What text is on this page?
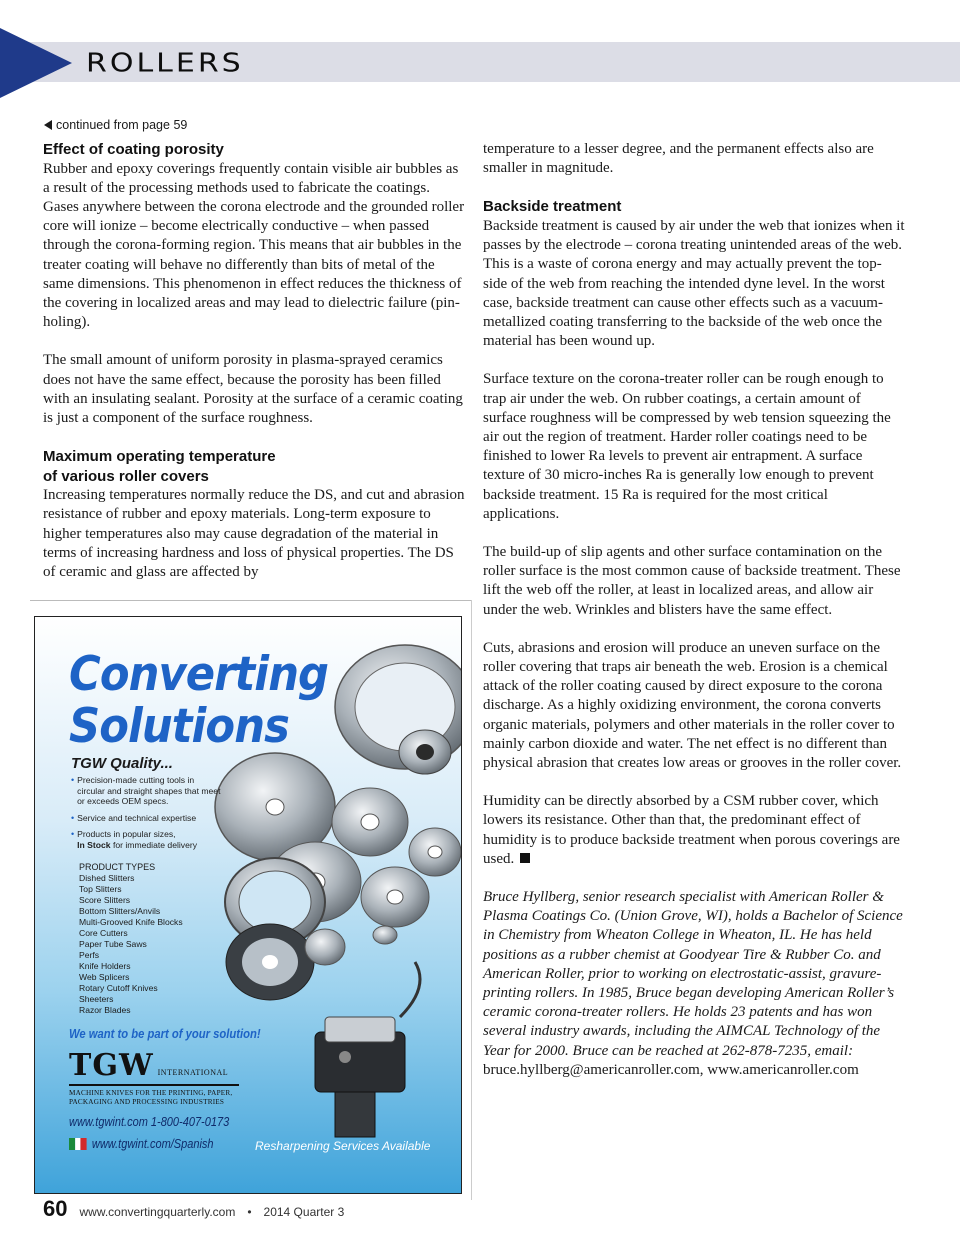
ROLLERS
continued from page 59
Effect of coating porosity

Rubber and epoxy coverings frequently contain visible air bubbles as a result of the processing methods used to fabricate the coatings. Gases anywhere between the corona electrode and the grounded roller core will ionize – become electrically conductive – when passed through the corona-forming region. This means that air bubbles in the treater coating will behave no differently than bits of metal of the same dimensions. This phenomenon in effect reduces the thickness of the covering in localized areas and may lead to dielectric failure (pin-holing).

The small amount of uniform porosity in plasma-sprayed ceramics does not have the same effect, because the porosity has been filled with an insulating sealant. Porosity at the surface of a ceramic coating is just a component of the surface roughness.

Maximum operating temperature
of various roller covers

Increasing temperatures normally reduce the DS, and cut and abrasion resistance of rubber and epoxy materials. Long-term exposure to higher temperatures also may cause degradation of the material in terms of increasing hardness and loss of physical properties. The DS of ceramic and glass are affected by

temperature to a lesser degree, and the permanent effects also are smaller in magnitude.

Backside treatment

Backside treatment is caused by air under the web that ionizes when it passes by the electrode – corona treating unintended areas of the web. This is a waste of corona energy and may actually prevent the top-side of the web from reaching the intended dyne level. In the worst case, backside treatment can cause other effects such as a vacuum-metallized coating transferring to the backside of the web once the material has been wound up.

Surface texture on the corona-treater roller can be rough enough to trap air under the web. On rubber coatings, a certain amount of surface roughness will be compressed by web tension squeezing the air out the region of treatment. Harder roller coatings need to be finished to lower Ra levels to prevent air entrapment. A surface texture of 30 micro-inches Ra is generally low enough to prevent backside treatment. 15 Ra is required for the most critical applications.

The build-up of slip agents and other surface contamination on the roller surface is the most common cause of backside treatment. These lift the web off the roller, at least in localized areas, and allow air under the web. Wrinkles and blisters have the same effect.

Cuts, abrasions and erosion will produce an uneven surface on the roller covering that traps air beneath the web. Erosion is a chemical attack of the roller coating caused by direct exposure to the corona discharge. As a highly oxidizing environment, the corona converts organic materials, polymers and other materials in the roller cover to mainly carbon dioxide and water. The net effect is no different than physical abrasion that creates low areas or grooves in the roller cover.

Humidity can be directly absorbed by a CSM rubber cover, which lowers its resistance. Other than that, the predominant effect of humidity is to produce backside treatment when porous coverings are used.

Bruce Hyllberg, senior research specialist with American Roller & Plasma Coatings Co. (Union Grove, WI), holds a Bachelor of Science in Chemistry from Wheaton College in Wheaton, IL. He has held positions as a rubber chemist at Goodyear Tire & Rubber Co. and American Roller, prior to working on electrostatic-assist, gravure-printing rollers. In 1985, Bruce began developing American Roller’s ceramic corona-treater rollers. He holds 23 patents and has won several industry awards, including the AIMCAL Technology of the Year for 2000. Bruce can be reached at 262-878-7235, email: bruce.hyllberg@americanroller.com, www.americanroller.com

Converting
Solutions
TGW Quality...
• Precision-made cutting tools in circular and straight shapes that meet or exceeds OEM specs.
• Service and technical expertise
• Products in popular sizes,
In Stock for immediate delivery
PRODUCT TYPES
Dished Slitters
Top Slitters
Score Slitters
Bottom Slitters/Anvils
Multi-Grooved Knife Blocks
Core Cutters
Paper Tube Saws
Perfs
Knife Holders
Web Splicers
Rotary Cutoff Knives
Sheeters
Razor Blades
We want to be part of your solution!
TGW INTERNATIONAL
MACHINE KNIVES FOR THE PRINTING, PAPER, PACKAGING AND PROCESSING INDUSTRIES
www.tgwint.com 1-800-407-0173
www.tgwint.com/Spanish	Resharpening Services Available
60 www.convertingquarterly.com • 2014 Quarter 3
